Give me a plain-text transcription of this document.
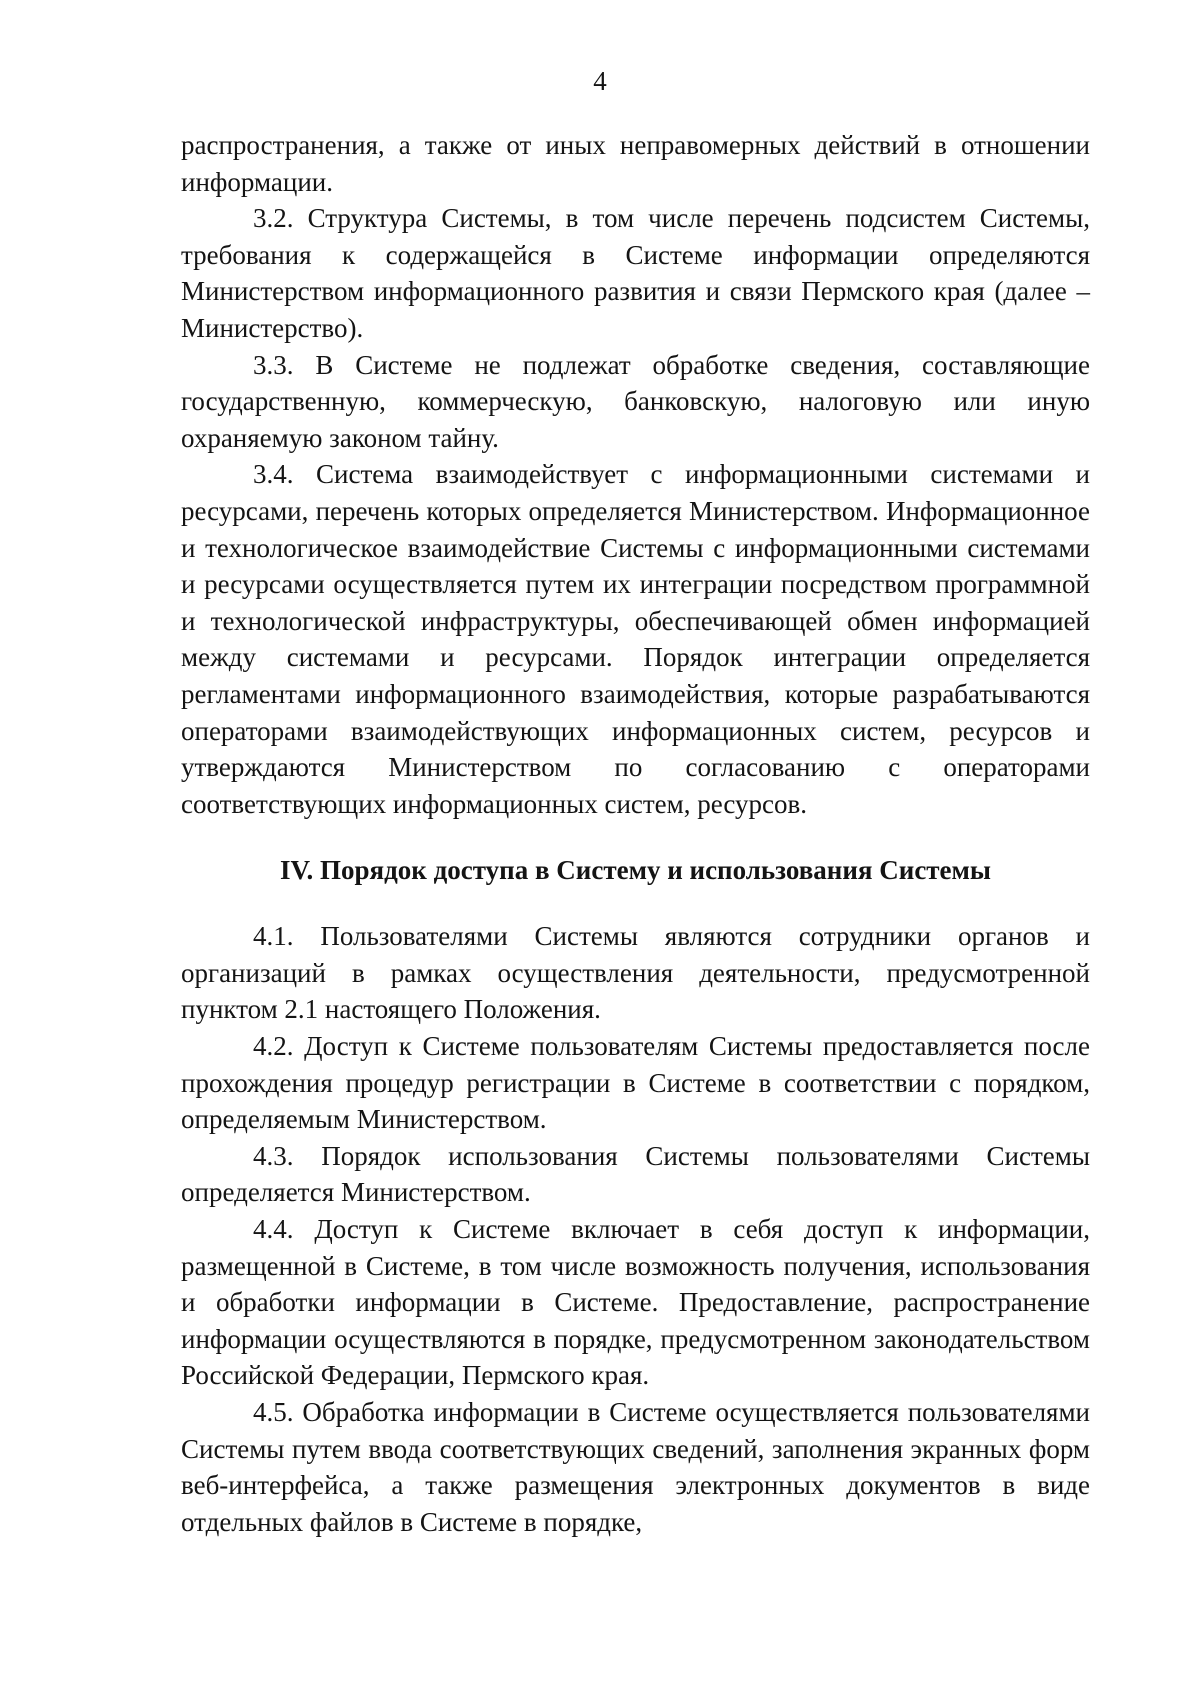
4

распространения, а также от иных неправомерных действий в отношении информации.

3.2. Структура Системы, в том числе перечень подсистем Системы, требования к содержащейся в Системе информации определяются Министерством информационного развития и связи Пермского края (далее – Министерство).

3.3. В Системе не подлежат обработке сведения, составляющие государственную, коммерческую, банковскую, налоговую или иную охраняемую законом тайну.

3.4. Система взаимодействует с информационными системами и ресурсами, перечень которых определяется Министерством. Информационное и технологическое взаимодействие Системы с информационными системами и ресурсами осуществляется путем их интеграции посредством программной и технологической инфраструктуры, обеспечивающей обмен информацией между системами и ресурсами. Порядок интеграции определяется регламентами информационного взаимодействия, которые разрабатываются операторами взаимодействующих информационных систем, ресурсов и утверждаются Министерством по согласованию с операторами соответствующих информационных систем, ресурсов.

IV. Порядок доступа в Систему и использования Системы

4.1. Пользователями Системы являются сотрудники органов и организаций в рамках осуществления деятельности, предусмотренной пунктом 2.1 настоящего Положения.

4.2. Доступ к Системе пользователям Системы предоставляется после прохождения процедур регистрации в Системе в соответствии с порядком, определяемым Министерством.

4.3. Порядок использования Системы пользователями Системы определяется Министерством.

4.4. Доступ к Системе включает в себя доступ к информации, размещенной в Системе, в том числе возможность получения, использования и обработки информации в Системе. Предоставление, распространение информации осуществляются в порядке, предусмотренном законодательством Российской Федерации, Пермского края.

4.5. Обработка информации в Системе осуществляется пользователями Системы путем ввода соответствующих сведений, заполнения экранных форм веб-интерфейса, а также размещения электронных документов в виде отдельных файлов в Системе в порядке,
